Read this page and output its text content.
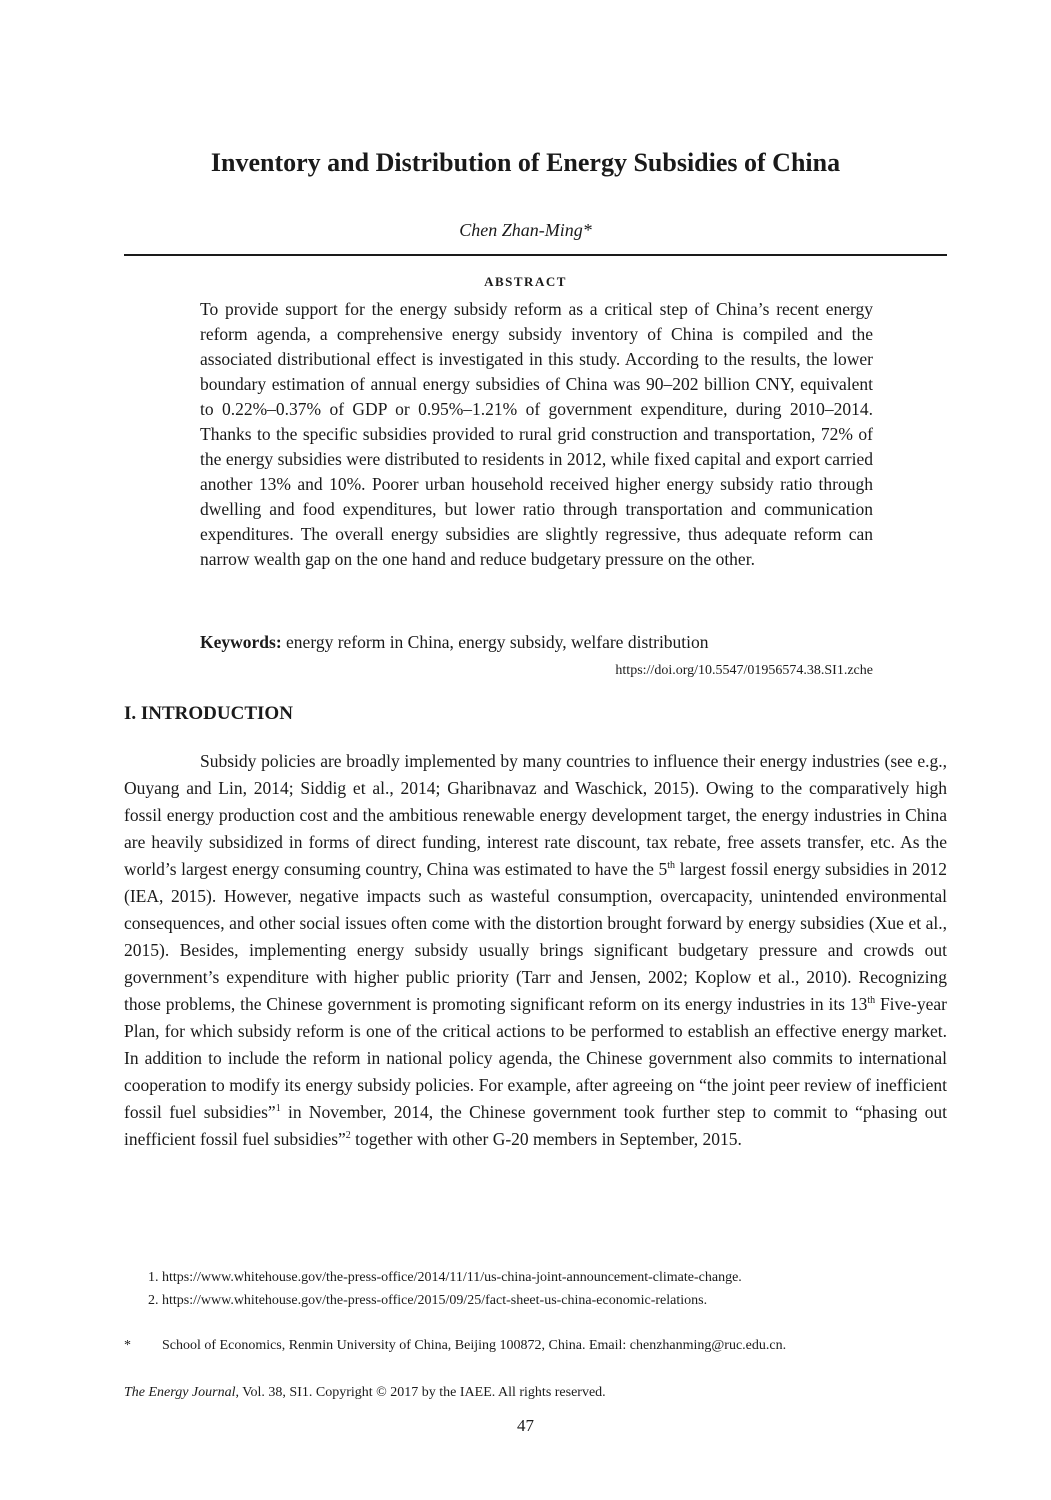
Inventory and Distribution of Energy Subsidies of China
Chen Zhan-Ming*
ABSTRACT

To provide support for the energy subsidy reform as a critical step of China’s recent energy reform agenda, a comprehensive energy subsidy inventory of China is compiled and the associated distributional effect is investigated in this study. According to the results, the lower boundary estimation of annual energy subsidies of China was 90–202 billion CNY, equivalent to 0.22%–0.37% of GDP or 0.95%–1.21% of government expenditure, during 2010–2014. Thanks to the specific subsidies provided to rural grid construction and transportation, 72% of the energy subsidies were distributed to residents in 2012, while fixed capital and export carried another 13% and 10%. Poorer urban household received higher energy subsidy ratio through dwelling and food expenditures, but lower ratio through transportation and communication expenditures. The overall energy subsidies are slightly regressive, thus adequate reform can narrow wealth gap on the one hand and reduce budgetary pressure on the other.

Keywords: energy reform in China, energy subsidy, welfare distribution
https://doi.org/10.5547/01956574.38.SI1.zche
I. INTRODUCTION

Subsidy policies are broadly implemented by many countries to influence their energy industries (see e.g., Ouyang and Lin, 2014; Siddig et al., 2014; Gharibnavaz and Waschick, 2015). Owing to the comparatively high fossil energy production cost and the ambitious renewable energy development target, the energy industries in China are heavily subsidized in forms of direct funding, interest rate discount, tax rebate, free assets transfer, etc. As the world’s largest energy consuming country, China was estimated to have the 5th largest fossil energy subsidies in 2012 (IEA, 2015). However, negative impacts such as wasteful consumption, overcapacity, unintended environmental consequences, and other social issues often come with the distortion brought forward by energy subsidies (Xue et al., 2015). Besides, implementing energy subsidy usually brings significant budgetary pressure and crowds out government’s expenditure with higher public priority (Tarr and Jensen, 2002; Koplow et al., 2010). Recognizing those problems, the Chinese government is promoting significant reform on its energy industries in its 13th Five-year Plan, for which subsidy reform is one of the critical actions to be performed to establish an effective energy market. In addition to include the reform in national policy agenda, the Chinese government also commits to international cooperation to modify its energy subsidy policies. For example, after agreeing on “the joint peer review of inefficient fossil fuel subsidies”$^1$ in November, 2014, the Chinese government took further step to commit to “phasing out inefficient fossil fuel subsidies”$^2$ together with other G-20 members in September, 2015.

1. https://www.whitehouse.gov/the-press-office/2014/11/11/us-china-joint-announcement-climate-change.
2. https://www.whitehouse.gov/the-press-office/2015/09/25/fact-sheet-us-china-economic-relations.
* School of Economics, Renmin University of China, Beijing 100872, China. Email: chenzhanming@ruc.edu.cn.
The Energy Journal, Vol. 38, SI1. Copyright © 2017 by the IAEE. All rights reserved.
47
